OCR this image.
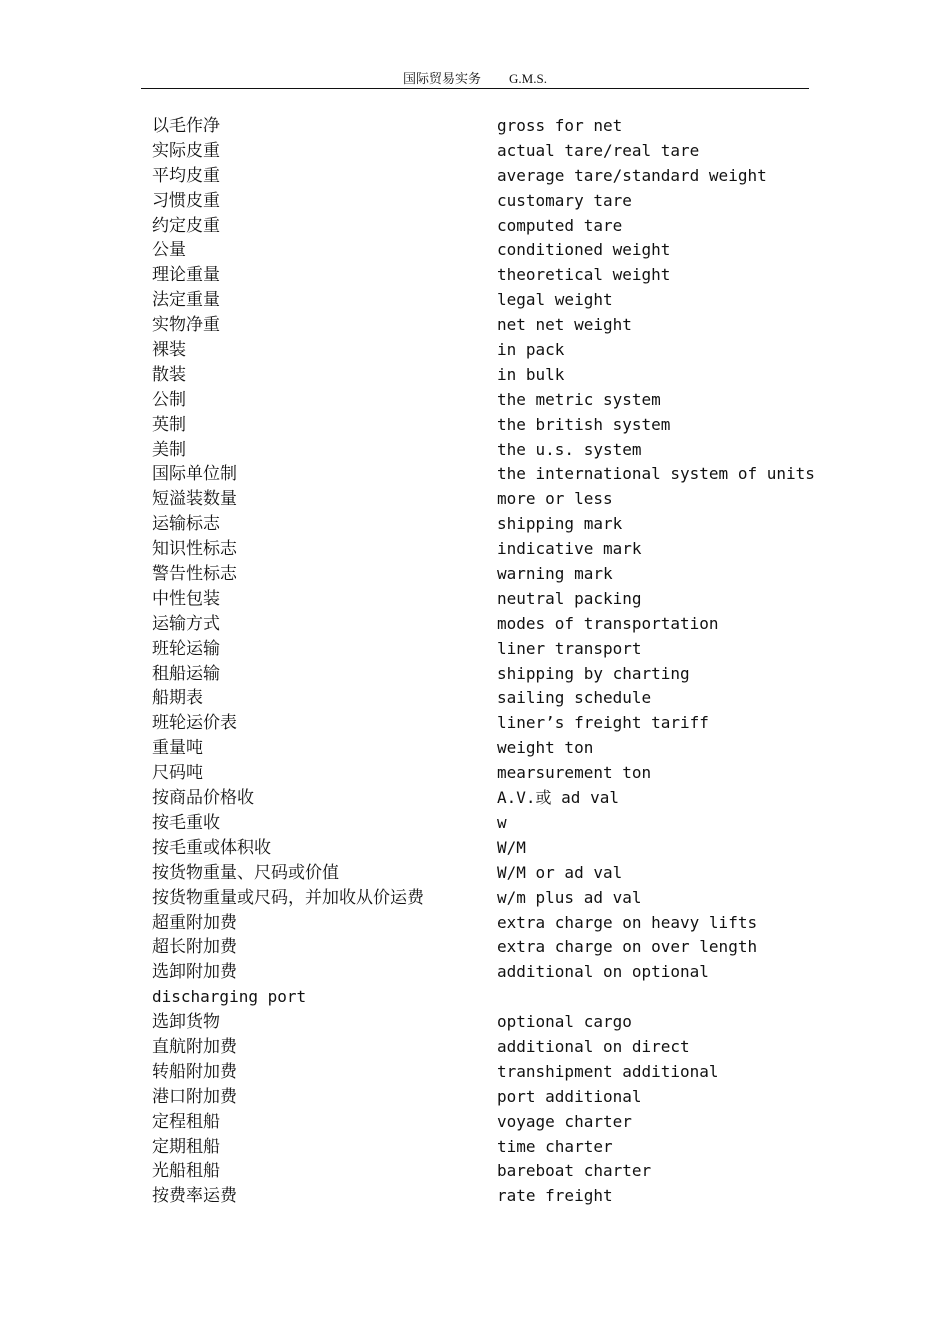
国际贸易实务 G.M.S.
以毛作净	gross for net
实际皮重	actual tare/real tare
平均皮重	average tare/standard weight
习惯皮重	customary tare
约定皮重	computed tare
公量	conditioned weight
理论重量	theoretical weight
法定重量	legal weight
实物净重	net net weight
裸装	in pack
散装	in bulk
公制	the metric system
英制	the british system
美制	the u.s. system
国际单位制	the international system of units
短溢装数量	more or less
运输标志	shipping mark
知识性标志	indicative mark
警告性标志	warning mark
中性包装	neutral packing
运输方式	modes of transportation
班轮运输	liner transport
租船运输	shipping by charting
船期表	sailing schedule
班轮运价表	liner’s freight tariff
重量吨	weight ton
尺码吨	mearsurement ton
按商品价格收	A.V.或 ad val
按毛重收	w
按毛重或体积收	W/M
按货物重量、尺码或价值	W/M or ad val
按货物重量或尺码，并加收从价运费	w/m plus ad val
超重附加费	extra charge on heavy lifts
超长附加费	extra charge on over length
选卸附加费	additional on optional
discharging port
选卸货物	optional cargo
直航附加费	additional on direct
转船附加费	transhipment additional
港口附加费	port additional
定程租船	voyage charter
定期租船	time charter
光船租船	bareboat charter
按费率运费	rate freight
